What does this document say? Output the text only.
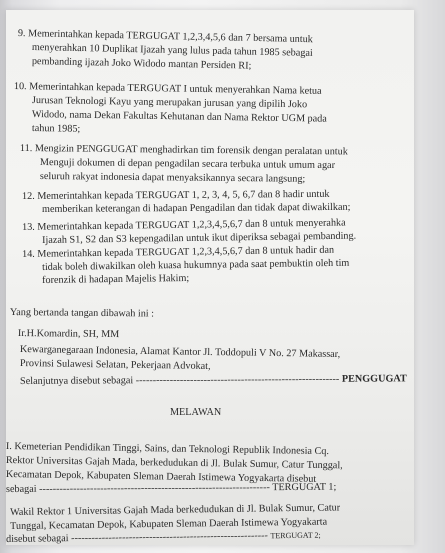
9. Memerintahkan kepada TERGUGAT 1,2,3,4,5,6 dan 7 bersama untuk
menyerahkan 10 Duplikat Ijazah yang lulus pada tahun 1985 sebagai
pembanding ijazah Joko Widodo mantan Persiden RI;
10. Memerintahkan kepada TERGUGAT I untuk menyerahkan Nama ketua
Jurusan Teknologi Kayu yang merupakan jurusan yang dipilih Joko
Widodo, nama Dekan Fakultas Kehutanan dan Nama Rektor UGM pada
tahun 1985;
11. Mengizin PENGGUGAT menghadirkan tim forensik dengan peralatan untuk
Menguji dokumen di depan pengadilan secara terbuka untuk umum agar
seluruh rakyat indonesia dapat menyaksikannya secara langsung;
12. Memerintahkan kepada TERGUGAT 1, 2, 3, 4, 5, 6,7 dan 8 hadir untuk
memberikan keterangan di hadapan Pengadilan dan tidak dapat diwakilkan;
13. Memerintahkan kepada TERGUGAT 1,2,3,4,5,6,7 dan 8 untuk menyerahka
Ijazah S1, S2 dan S3 kepengadilan untuk ikut diperiksa sebagai pembanding.
14. Memerintahkan kepada TERGUGAT 1,2,3,4,5,6,7 dan 8 untuk hadir dan
tidak boleh diwakilkan oleh kuasa hukumnya pada saat pembuktin oleh tim
forenzik di hadapan Majelis Hakim;
Yang bertanda tangan dibawah ini :
Ir.H.Komardin, SH, MM
Kewarganegaraan Indonesia, Alamat Kantor Jl. Toddopuli V No. 27 Makassar,
Provinsi Sulawesi Selatan, Pekerjaan Advokat,
Selanjutnya disebut sebagai ------------------------------------------------------------ PENGGUGAT
MELAWAN
I. Kemeterian Pendidikan Tinggi, Sains, dan Teknologi Republik Indonesia Cq.
Rektor Universitas Gajah Mada, berkedudukan di Jl. Bulak Sumur, Catur Tunggal,
Kecamatan Depok, Kabupaten Sleman Daerah Istimewa Yogyakarta disebut
sebagai -------------------------------------------------------------------- TERGUGAT 1;
Wakil Rektor 1 Universitas Gajah Mada berkedudukan di Jl. Bulak Sumur, Catur
Tunggal, Kecamatan Depok, Kabupaten Sleman Daerah Istimewa Yogyakarta
disebut sebagai ---------------------------------------------------------- TERGUGAT 2;
